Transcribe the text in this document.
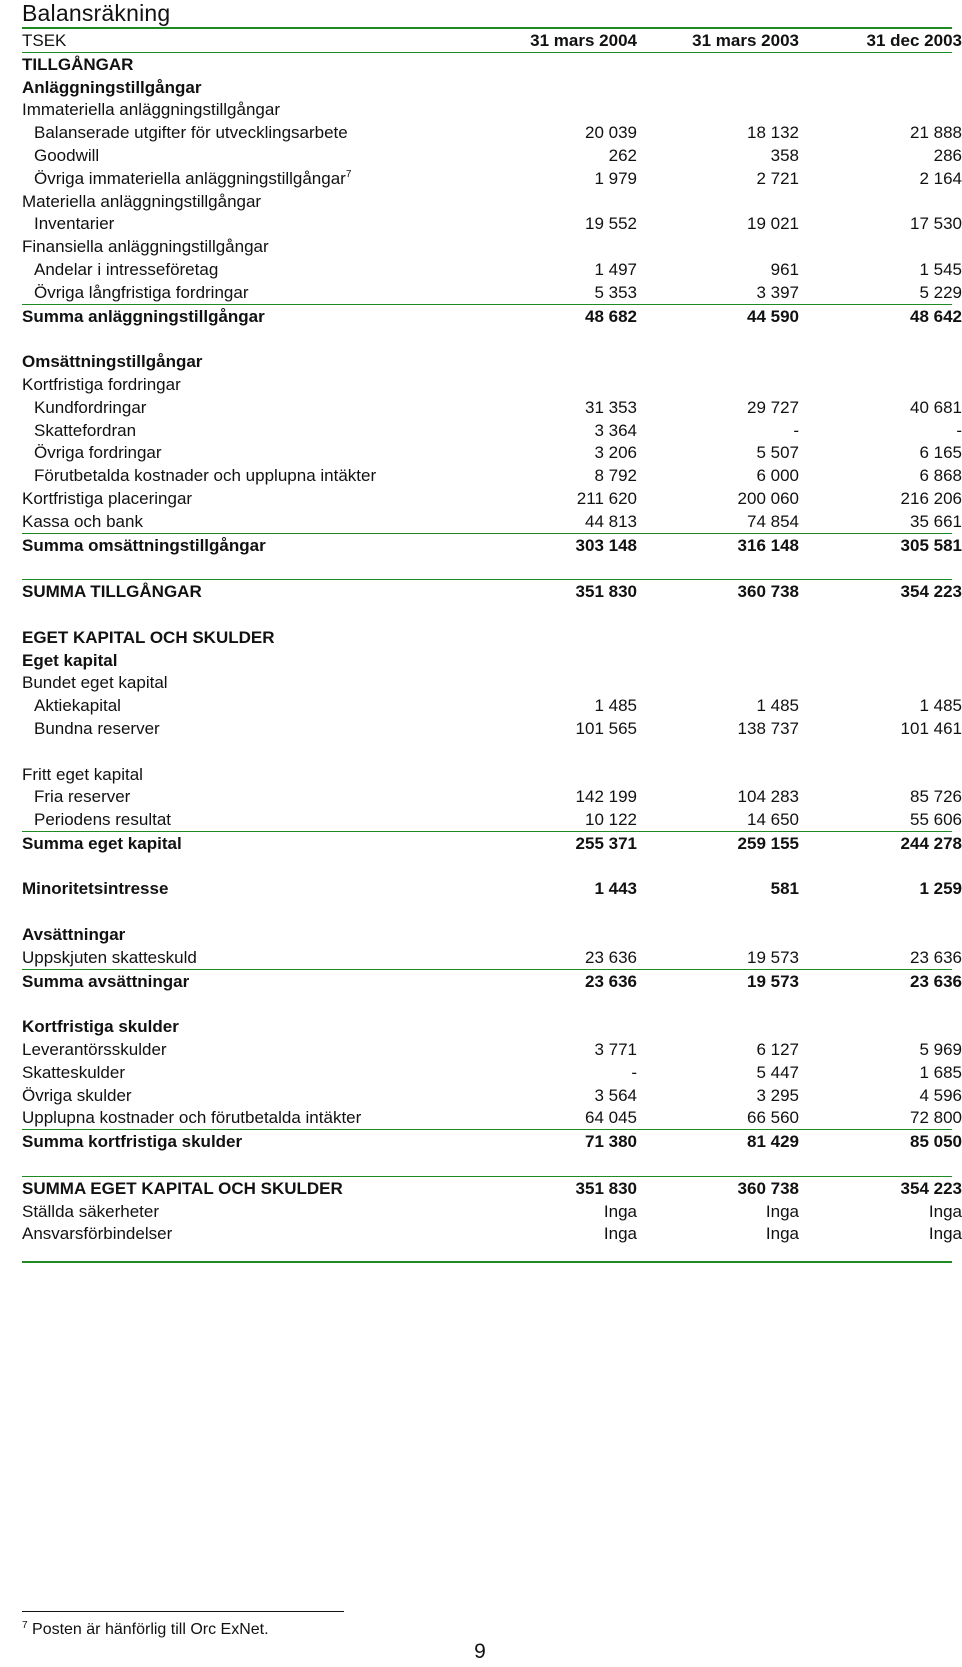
Balansräkning
TSEK	31 mars 2004	31 mars 2003	31 dec 2003
TILLGÅNGAR
Anläggningstillgångar
Immateriella anläggningstillgångar
Balanserade utgifter för utvecklingsarbete	20 039	18 132	21 888
Goodwill	262	358	286
Övriga immateriella anläggningstillgångar$^7$	1 979	2 721	2 164
Materiella anläggningstillgångar
Inventarier	19 552	19 021	17 530
Finansiella anläggningstillgångar
Andelar i intresseföretag	1 497	961	1 545
Övriga långfristiga fordringar	5 353	3 397	5 229
Summa anläggningstillgångar	48 682	44 590	48 642
Omsättningstillgångar
Kortfristiga fordringar
Kundfordringar	31 353	29 727	40 681
Skattefordran	3 364	-	-
Övriga fordringar	3 206	5 507	6 165
Förutbetalda kostnader och upplupna intäkter	8 792	6 000	6 868
Kortfristiga placeringar	211 620	200 060	216 206
Kassa och bank	44 813	74 854	35 661
Summa omsättningstillgångar	303 148	316 148	305 581
SUMMA TILLGÅNGAR	351 830	360 738	354 223
EGET KAPITAL OCH SKULDER
Eget kapital
Bundet eget kapital
Aktiekapital	1 485	1 485	1 485
Bundna reserver	101 565	138 737	101 461
Fritt eget kapital
Fria reserver	142 199	104 283	85 726
Periodens resultat	10 122	14 650	55 606
Summa eget kapital	255 371	259 155	244 278
Minoritetsintresse	1 443	581	1 259
Avsättningar
Uppskjuten skatteskuld	23 636	19 573	23 636
Summa avsättningar	23 636	19 573	23 636
Kortfristiga skulder
Leverantörsskulder	3 771	6 127	5 969
Skatteskulder	-	5 447	1 685
Övriga skulder	3 564	3 295	4 596
Upplupna kostnader och förutbetalda intäkter	64 045	66 560	72 800
Summa kortfristiga skulder	71 380	81 429	85 050
SUMMA EGET KAPITAL OCH SKULDER	351 830	360 738	354 223
Ställda säkerheter	Inga	Inga	Inga
Ansvarsförbindelser	Inga	Inga	Inga
$^7$ Posten är hänförlig till Orc ExNet.
9
